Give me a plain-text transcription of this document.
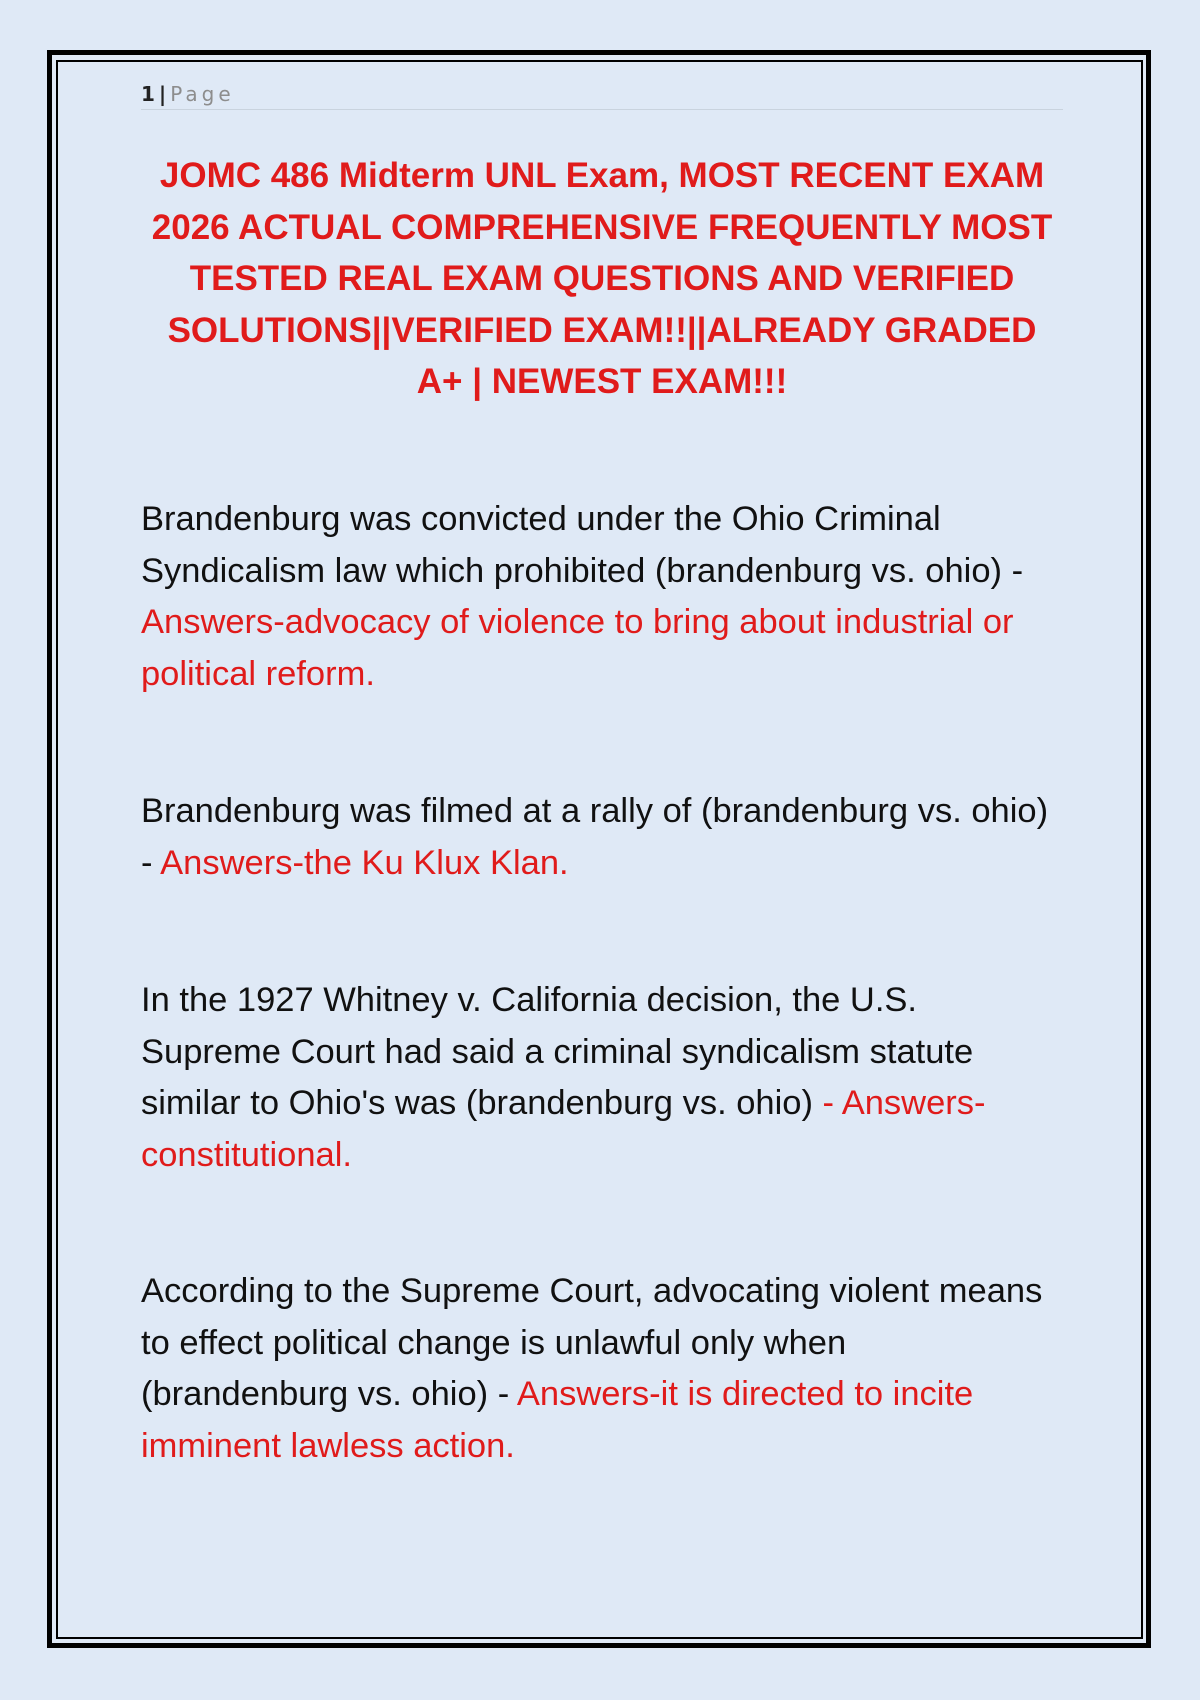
1 | Page
JOMC 486 Midterm UNL Exam, MOST RECENT EXAM 2026 ACTUAL COMPREHENSIVE FREQUENTLY MOST TESTED REAL EXAM QUESTIONS AND VERIFIED SOLUTIONS||VERIFIED EXAM!!||ALREADY GRADED A+ | NEWEST EXAM!!!

Brandenburg was convicted under the Ohio Criminal Syndicalism law which prohibited (brandenburg vs. ohio) - Answers-advocacy of violence to bring about industrial or political reform.

Brandenburg was filmed at a rally of (brandenburg vs. ohio) - Answers-the Ku Klux Klan.

In the 1927 Whitney v. California decision, the U.S. Supreme Court had said a criminal syndicalism statute similar to Ohio's was (brandenburg vs. ohio) - Answers-constitutional.

According to the Supreme Court, advocating violent means to effect political change is unlawful only when (brandenburg vs. ohio) - Answers-it is directed to incite imminent lawless action.
